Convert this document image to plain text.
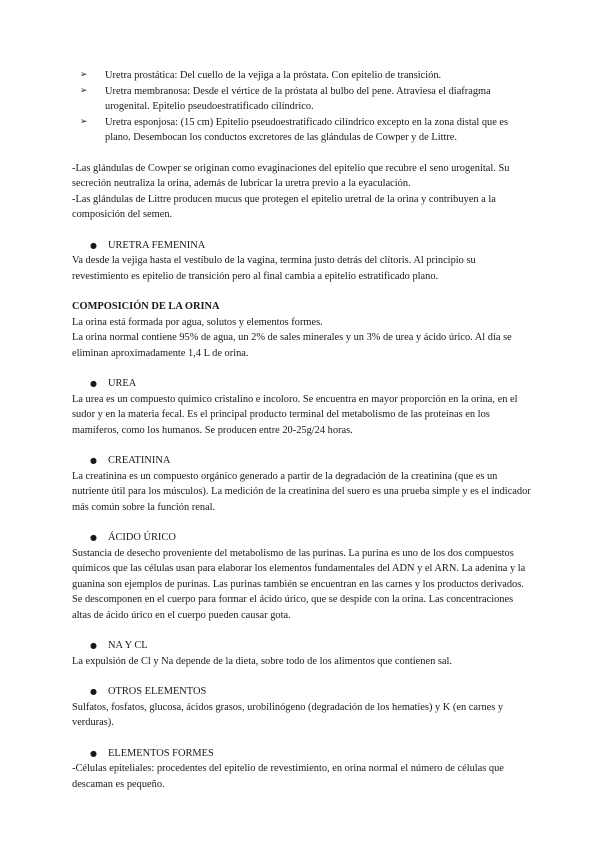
➢ Uretra prostática: Del cuello de la vejiga a la próstata. Con epitelio de transición.
➢ Uretra membranosa: Desde el vértice de la próstata al bulbo del pene. Atraviesa el diafragma urogenital. Epitelio pseudoestratificado cilíndrico.
➢ Uretra esponjosa: (15 cm) Epitelio pseudoestratificado cilíndrico excepto en la zona distal que es plano. Desembocan los conductos excretores de las glándulas de Cowper y de Littre.

-Las glándulas de Cowper se originan como evaginaciones del epitelio que recubre el seno urogenital. Su secreción neutraliza la orina, además de lubricar la uretra previo a la eyaculación.

-Las glándulas de Littre producen mucus que protegen el epitelio uretral de la orina y contribuyen a la composición del semen.

● URETRA FEMENINA

Va desde la vejiga hasta el vestíbulo de la vagina, termina justo detrás del clítoris. Al principio su revestimiento es epitelio de transición pero al final cambia a epitelio estratificado plano.

COMPOSICIÓN DE LA ORINA

La orina está formada por agua, solutos y elementos formes.

La orina normal contiene 95% de agua, un 2% de sales minerales y un 3% de urea y ácido úrico. Al día se eliminan aproximadamente 1,4 L de orina.

● UREA

La urea es un compuesto químico cristalino e incoloro. Se encuentra en mayor proporción en la orina, en el sudor y en la materia fecal. Es el principal producto terminal del metabolismo de las proteínas en los mamíferos, como los humanos. Se producen entre 20-25g/24 horas.

● CREATININA

La creatinina es un compuesto orgánico generado a partir de la degradación de la creatinina (que es un nutriente útil para los músculos). La medición de la creatinina del suero es una prueba simple y es el indicador más común sobre la función renal.

● ÁCIDO ÚRICO

Sustancia de desecho proveniente del metabolismo de las purinas. La purina es uno de los dos compuestos químicos que las células usan para elaborar los elementos fundamentales del ADN y el ARN. La adenina y la guanina son ejemplos de purinas. Las purinas también se encuentran en las carnes y los productos derivados.

Se descomponen en el cuerpo para formar el ácido úrico, que se despide con la orina. Las concentraciones altas de ácido úrico en el cuerpo pueden causar gota.

● NA Y CL

La expulsión de Cl y Na depende de la dieta, sobre todo de los alimentos que contienen sal.

● OTROS ELEMENTOS

Sulfatos, fosfatos, glucosa, ácidos grasos, urobilinógeno (degradación de los hematíes) y K (en carnes y verduras).

● ELEMENTOS FORMES

-Células epiteliales: procedentes del epitelio de revestimiento, en orina normal el número de células que descaman es pequeño.
